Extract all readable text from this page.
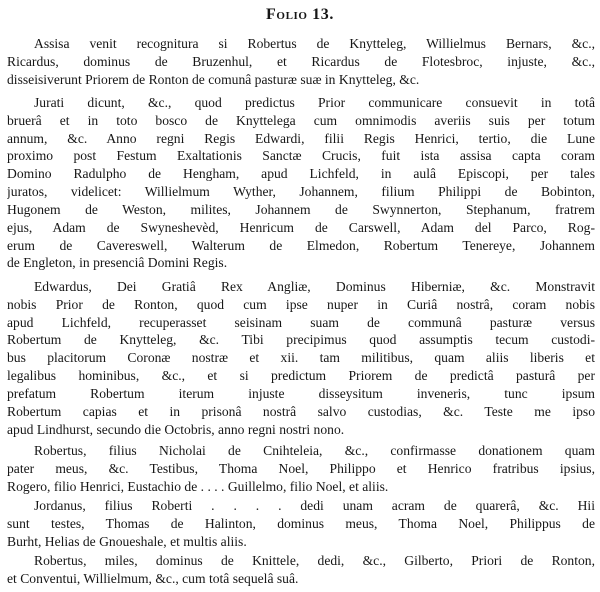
Folio 13.
Assisa venit recognitura si Robertus de Knytteleg, Willielmus Bernars, &c.,
Ricardus, dominus de Bruzenhul, et Ricardus de Flotesbroc, injuste, &c.,
disseisiverunt Priorem de Ronton de comunâ pasturæ suæ in Knytteleg, &c.
Jurati dicunt, &c., quod predictus Prior communicare consuevit in totâ
bruerâ et in toto bosco de Knyttelega cum omnimodis averiis suis per totum
annum, &c. Anno regni Regis Edwardi, filii Regis Henrici, tertio, die Lune
proximo post Festum Exaltationis Sanctæ Crucis, fuit ista assisa capta coram
Domino Radulpho de Hengham, apud Lichfeld, in aulâ Episcopi, per tales
juratos, videlicet: Willielmum Wyther, Johannem, filium Philippi de Bobinton,
Hugonem de Weston, milites, Johannem de Swynnerton, Stephanum, fratrem
ejus, Adam de Swyneshevèd, Henricum de Carswell, Adam del Parco, Rog-
erum de Cavereswell, Walterum de Elmedon, Robertum Tenereye, Johannem
de Engleton, in presenciâ Domini Regis.
Edwardus, Dei Gratiâ Rex Angliæ, Dominus Hiberniæ, &c. Monstravit
nobis Prior de Ronton, quod cum ipse nuper in Curiâ nostrâ, coram nobis
apud Lichfeld, recuperasset seisinam suam de communâ pasturæ versus
Robertum de Knytteleg, &c. Tibi precipimus quod assumptis tecum custodi-
bus placitorum Coronæ nostræ et xii. tam militibus, quam aliis liberis et
legalibus hominibus, &c., et si predictum Priorem de predictâ pasturâ per
prefatum Robertum iterum injuste disseysitum inveneris, tunc ipsum
Robertum capias et in prisonâ nostrâ salvo custodias, &c. Teste me ipso
apud Lindhurst, secundo die Octobris, anno regni nostri nono.
Robertus, filius Nicholai de Cnihteleia, &c., confirmasse donationem quam
pater meus, &c. Testibus, Thoma Noel, Philippo et Henrico fratribus ipsius,
Rogero, filio Henrici, Eustachio de . . . . Guillelmo, filio Noel, et aliis.
Jordanus, filius Roberti . . . . dedi unam acram de quarerâ, &c. Hii
sunt testes, Thomas de Halinton, dominus meus, Thoma Noel, Philippus de
Burht, Helias de Gnoueshale, et multis aliis.
Robertus, miles, dominus de Knittele, dedi, &c., Gilberto, Priori de Ronton,
et Conventui, Willielmum, &c., cum totâ sequelâ suâ.
